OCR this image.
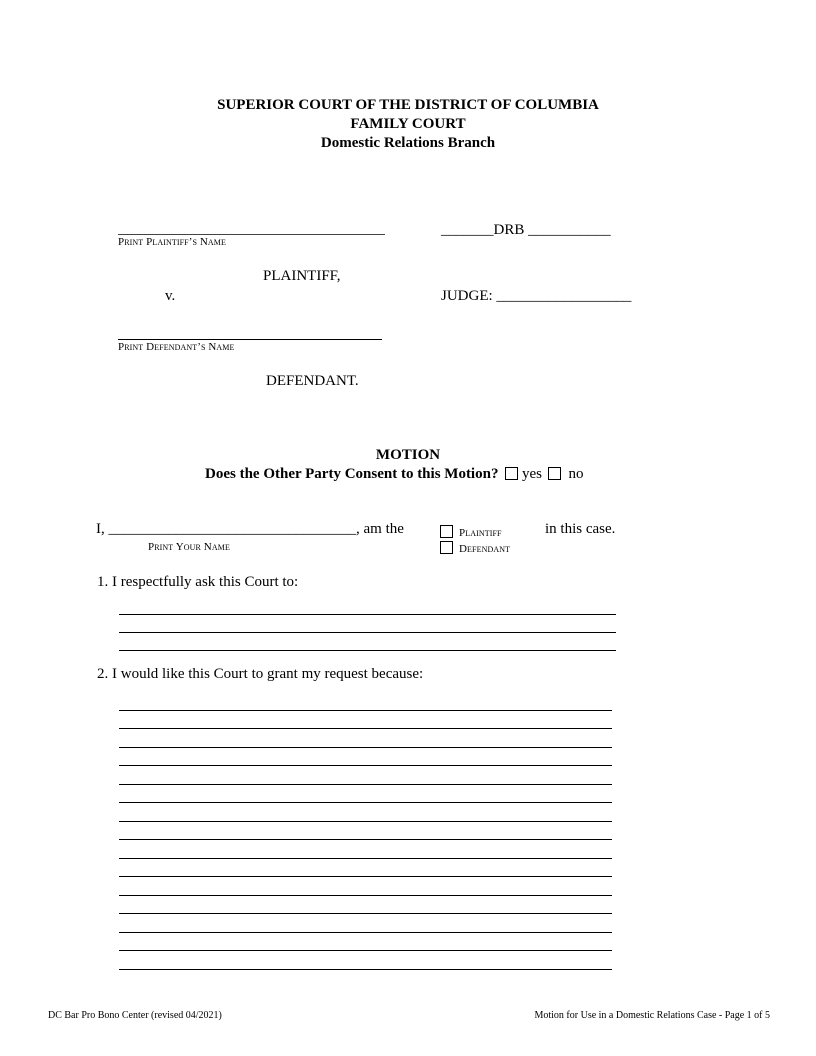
SUPERIOR COURT OF THE DISTRICT OF COLUMBIA
FAMILY COURT
Domestic Relations Branch
Print Plaintiff’s Name
PLAINTIFF,
v.
Print Defendant’s Name
DEFENDANT.
_______DRB ___________
JUDGE: __________________
MOTION
Does the Other Party Consent to this Motion? yes no
I, _________________________________, am the
Print Your Name
Plaintiff
Defendant
in this case.
1. I respectfully ask this Court to:
2. I would like this Court to grant my request because:
DC Bar Pro Bono Center (revised 04/2021)	Motion for Use in a Domestic Relations Case - Page 1 of 5
